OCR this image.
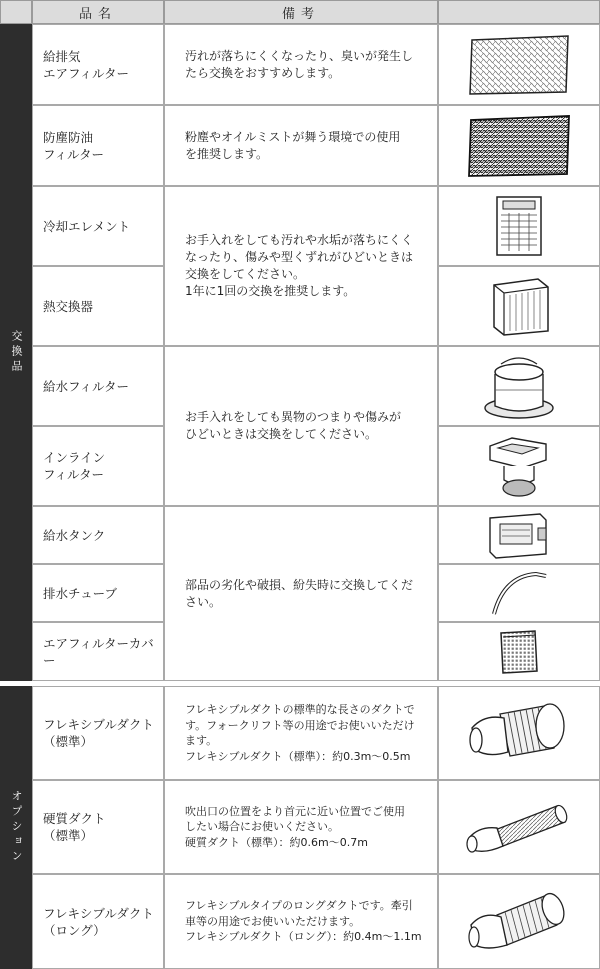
品名	備考
交換品
オプション
給排気
エアフィルター
防塵防油
フィルター
冷却エレメント
熱交換器
給水フィルター
インライン
フィルター
給水タンク
排水チューブ
エアフィルターカバー
汚れが落ちにくくなったり、臭いが発生し
たら交換をおすすめします。
粉塵やオイルミストが舞う環境での使用
を推奨します。
お手入れをしても汚れや水垢が落ちにくく
なったり、傷みや型くずれがひどいときは
交換をしてください。
1年に1回の交換を推奨します。
お手入れをしても異物のつまりや傷みが
ひどいときは交換をしてください。
部品の劣化や破損、紛失時に交換してくだ
さい。
フレキシブルダクト
（標準）
硬質ダクト
（標準）
フレキシブルダクト
（ロング）
フレキシブルダクトの標準的な長さのダクトで
す。フォークリフト等の用途でお使いいただけ
ます。
フレキシブルダクト（標準）：約0.3m～0.5m
吹出口の位置をより首元に近い位置でご使用
したい場合にお使いください。
硬質ダクト（標準）：約0.6m～0.7m
フレキシブルタイプのロングダクトです。牽引
車等の用途でお使いいただけます。
フレキシブルダクト（ロング）：約0.4m～1.1m
